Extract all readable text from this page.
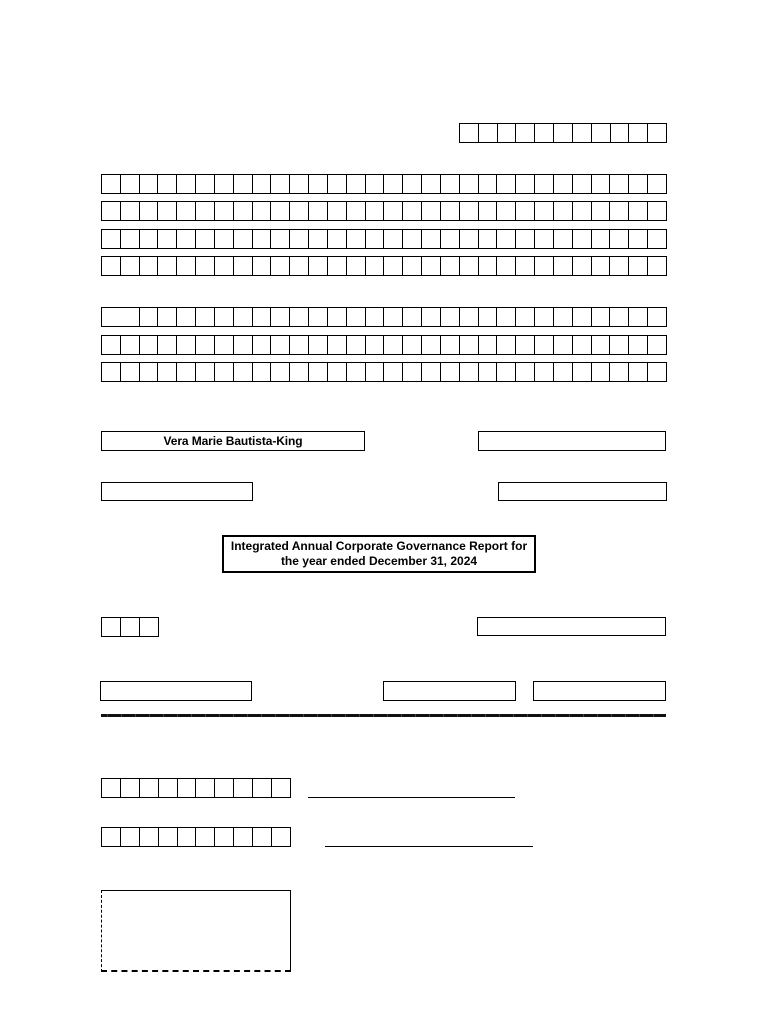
Vera Marie Bautista-King
Integrated Annual Corporate Governance Report for
the year ended December 31, 2024
